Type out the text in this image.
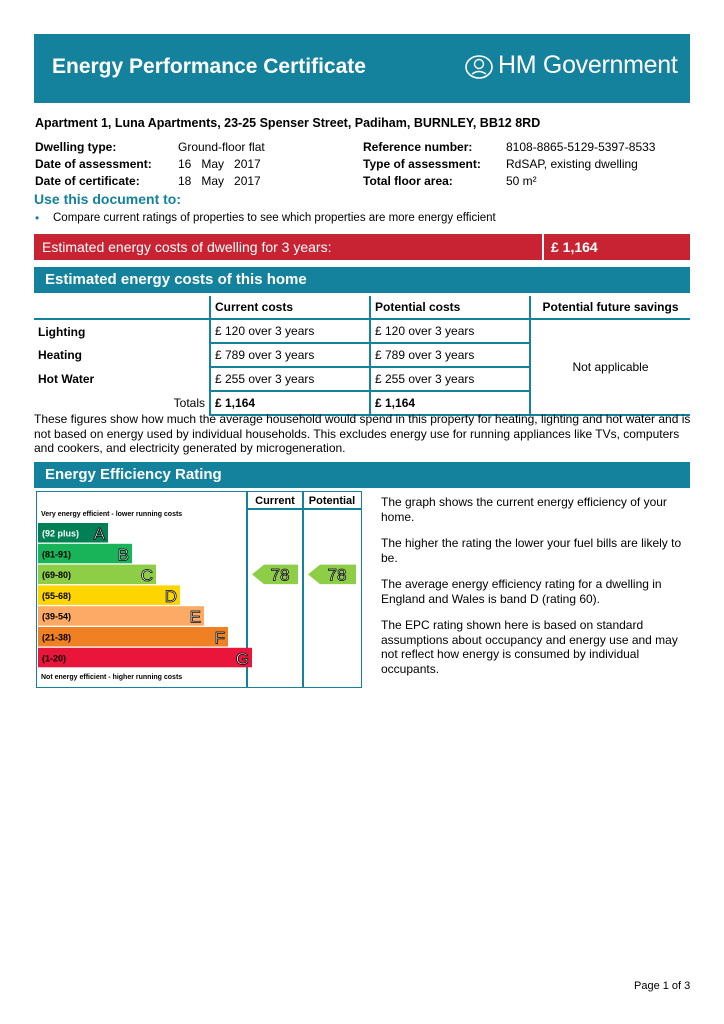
Energy Performance Certificate	HM Government
Apartment 1, Luna Apartments, 23-25 Spenser Street, Padiham, BURNLEY, BB12 8RD
Dwelling type:	Ground-floor flat
Date of assessment: 16   May   2017
Date of certificate:	18   May   2017
Reference number:	8108-8865-5129-5397-8533
Type of assessment: RdSAP, existing dwelling
Total floor area:	50 m²
Use this document to:
• Compare current ratings of properties to see which properties are more energy efficient
Estimated energy costs of dwelling for 3 years:	£ 1,164
Estimated energy costs of this home
	Current costs	Potential costs	Potential future savings
Lighting	£ 120 over 3 years	£ 120 over 3 years	Not applicable
Heating	£ 789 over 3 years	£ 789 over 3 years	
Hot Water	£ 255 over 3 years	£ 255 over 3 years	
Totals	£ 1,164	£ 1,164	
These figures show how much the average household would spend in this property for heating, lighting and hot water and is not based on energy used by individual households. This excludes energy use for running appliances like TVs, computers and cookers, and electricity generated by microgeneration.
Energy Efficiency Rating
Current Potential
Very energy efficient - lower running costs
Not energy efficient - higher running costs
(92 plus) A
(81-91)	B
(69-80)	C
(55-68)	D
(39-54)	E
(21-38)	F
(1-20)	G
78 78
The graph shows the current energy efficiency of your home.
The higher the rating the lower your fuel bills are likely to be.
The average energy efficiency rating for a dwelling in England and Wales is band D (rating 60).
The EPC rating shown here is based on standard assumptions about occupancy and energy use and may not reflect how energy is consumed by individual occupants.
Page 1 of 3
